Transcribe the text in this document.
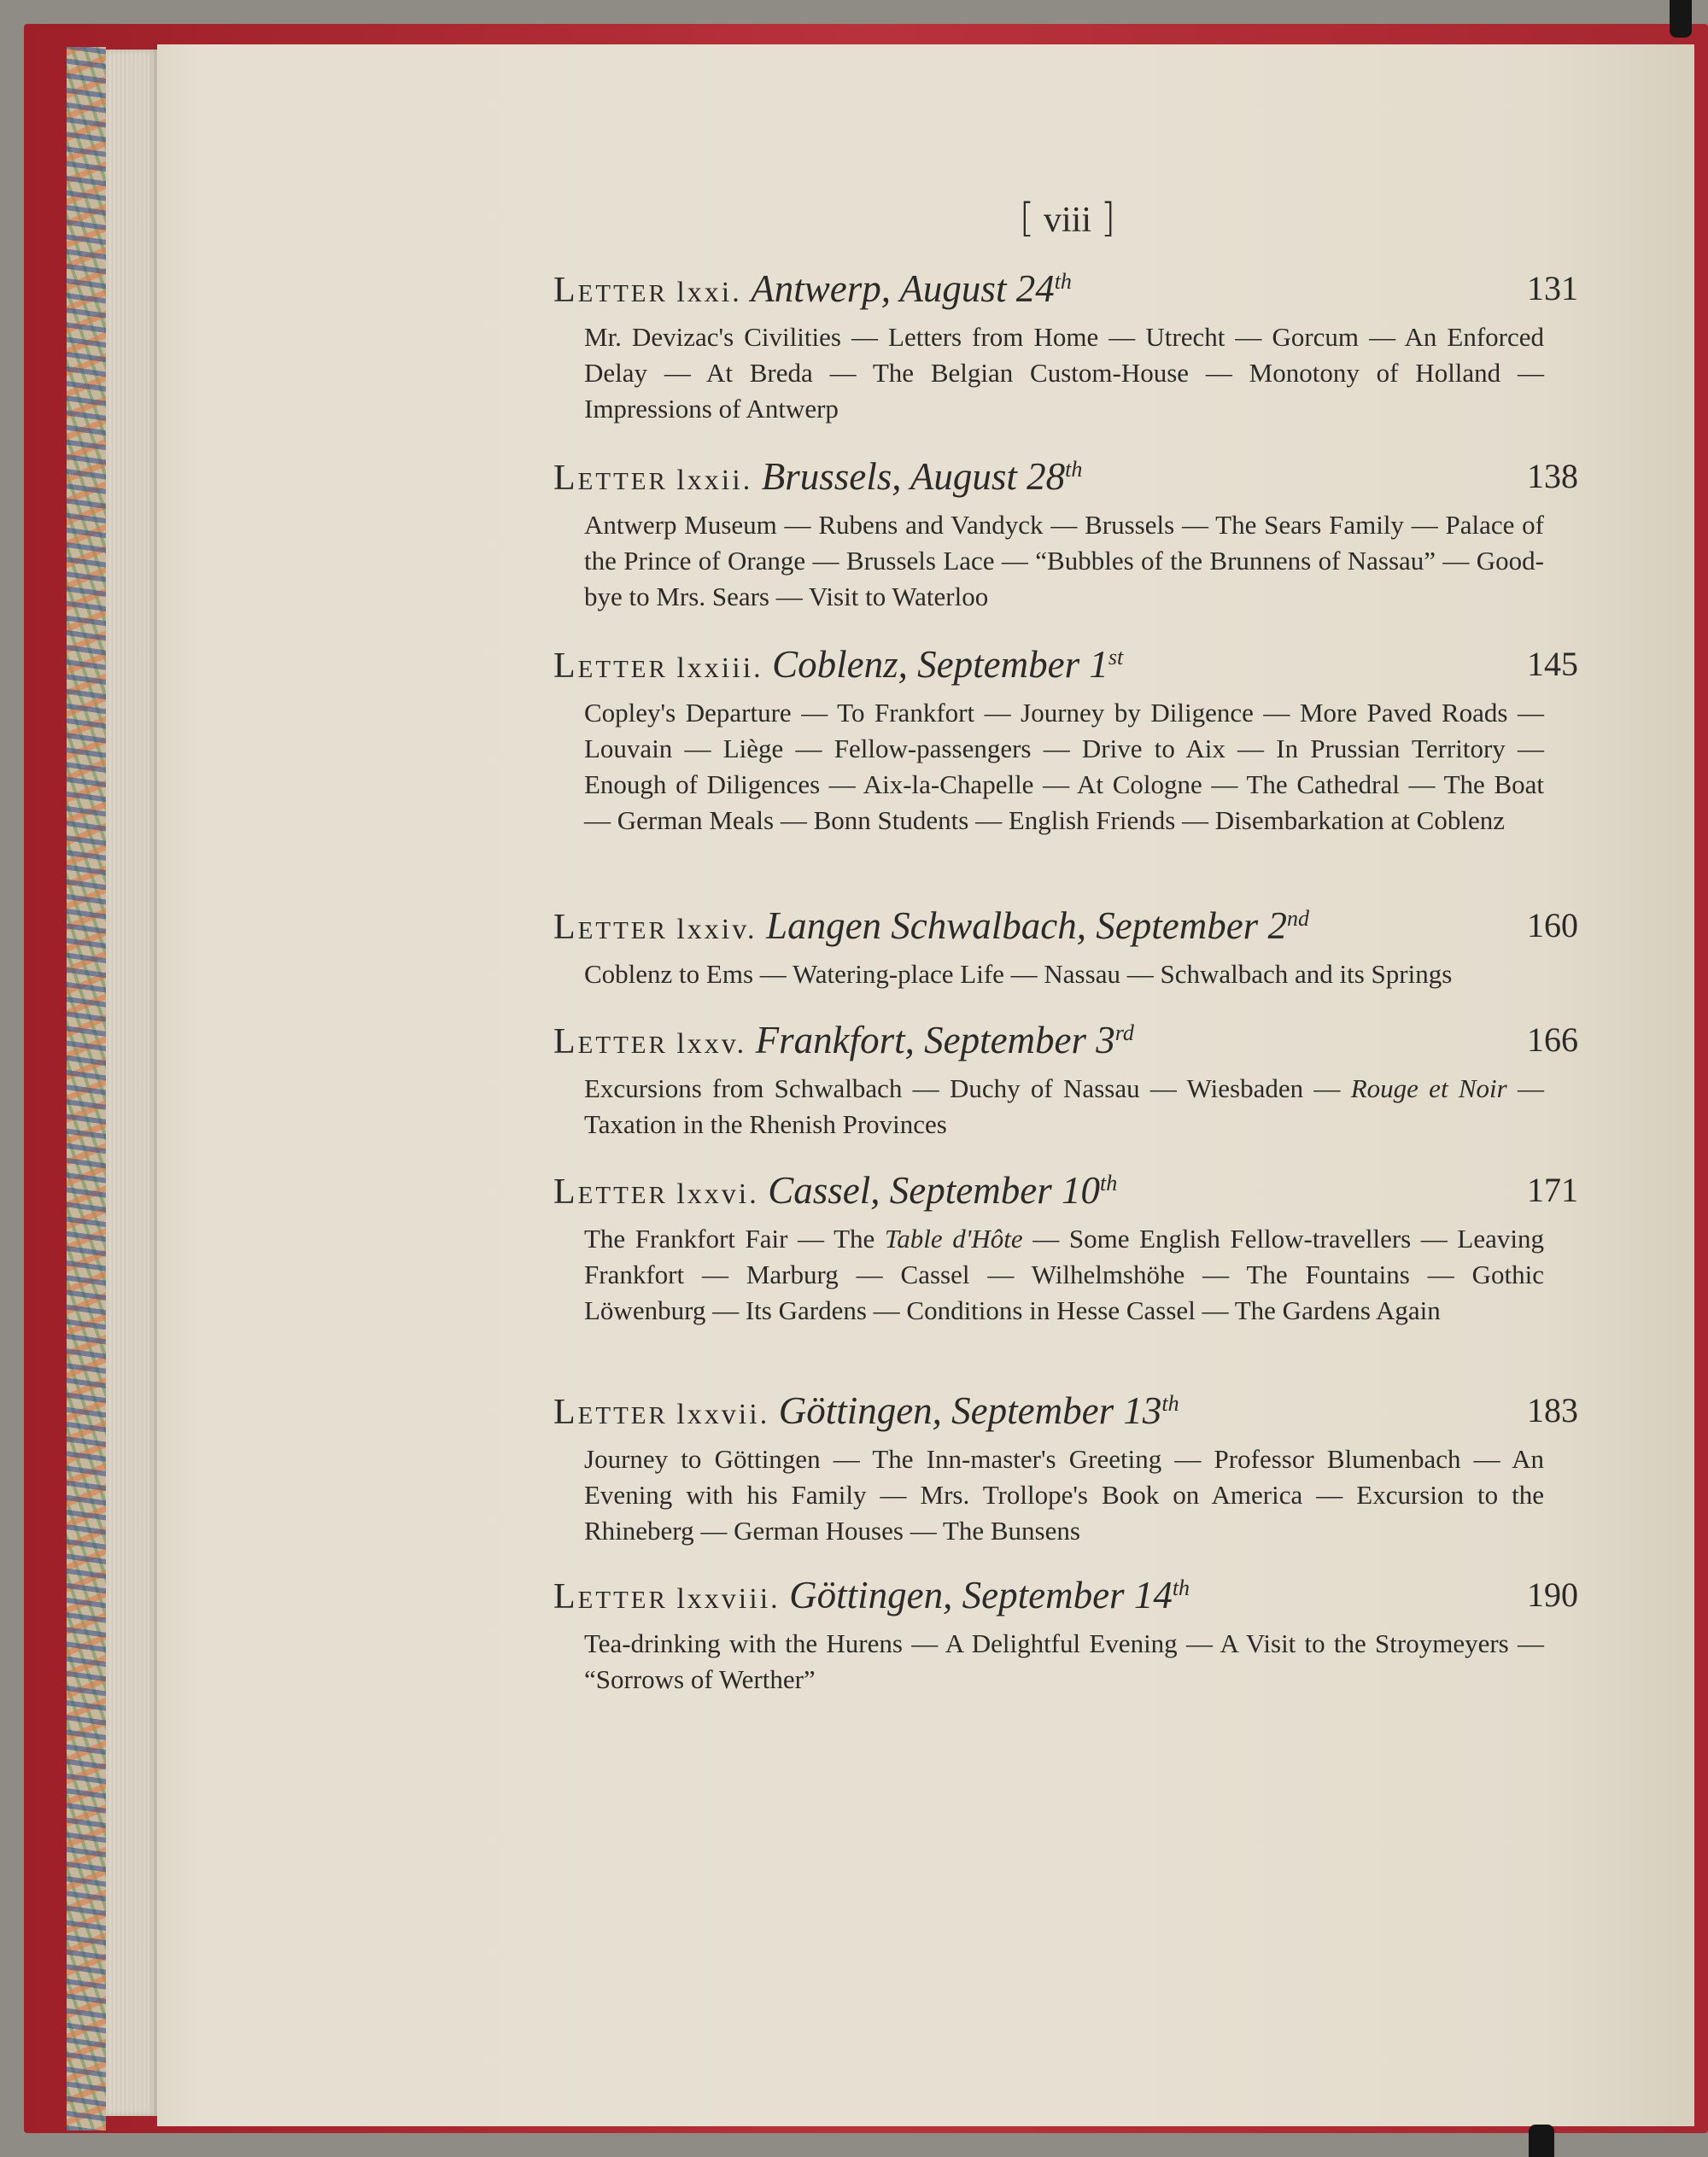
[ viii ]
Letter lxxi. Antwerp, August 24th	131
Mr. Devizac's Civilities — Letters from Home — Utrecht — Gorcum — An Enforced Delay — At Breda — The Belgian Custom-House — Monotony of Holland — Impressions of Antwerp
Letter lxxii. Brussels, August 28th	138
Antwerp Museum — Rubens and Vandyck — Brussels — The Sears Family — Palace of the Prince of Orange — Brussels Lace — “Bubbles of the Brunnens of Nassau” — Good-bye to Mrs. Sears — Visit to Waterloo
Letter lxxiii. Coblenz, September 1st	145
Copley's Departure — To Frankfort — Journey by Diligence — More Paved Roads — Louvain — Liège — Fellow-passengers — Drive to Aix — In Prussian Territory — Enough of Diligences — Aix-la-Chapelle — At Cologne — The Cathedral — The Boat — German Meals — Bonn Students — English Friends — Disembarkation at Coblenz
Letter lxxiv. Langen Schwalbach, September 2nd	160
Coblenz to Ems — Watering-place Life — Nassau — Schwalbach and its Springs
Letter lxxv. Frankfort, September 3rd	166
Excursions from Schwalbach — Duchy of Nassau — Wiesbaden — Rouge et Noir — Taxation in the Rhenish Provinces
Letter lxxvi. Cassel, September 10th	171
The Frankfort Fair — The Table d'Hôte — Some English Fellow-travellers — Leaving Frankfort — Marburg — Cassel — Wilhelmshöhe — The Fountains — Gothic Löwenburg — Its Gardens — Conditions in Hesse Cassel — The Gardens Again
Letter lxxvii. Göttingen, September 13th	183
Journey to Göttingen — The Inn-master's Greeting — Professor Blumenbach — An Evening with his Family — Mrs. Trollope's Book on America — Excursion to the Rhineberg — German Houses — The Bunsens
Letter lxxviii. Göttingen, September 14th	190
Tea-drinking with the Hurens — A Delightful Evening — A Visit to the Stroymeyers — “Sorrows of Werther”
